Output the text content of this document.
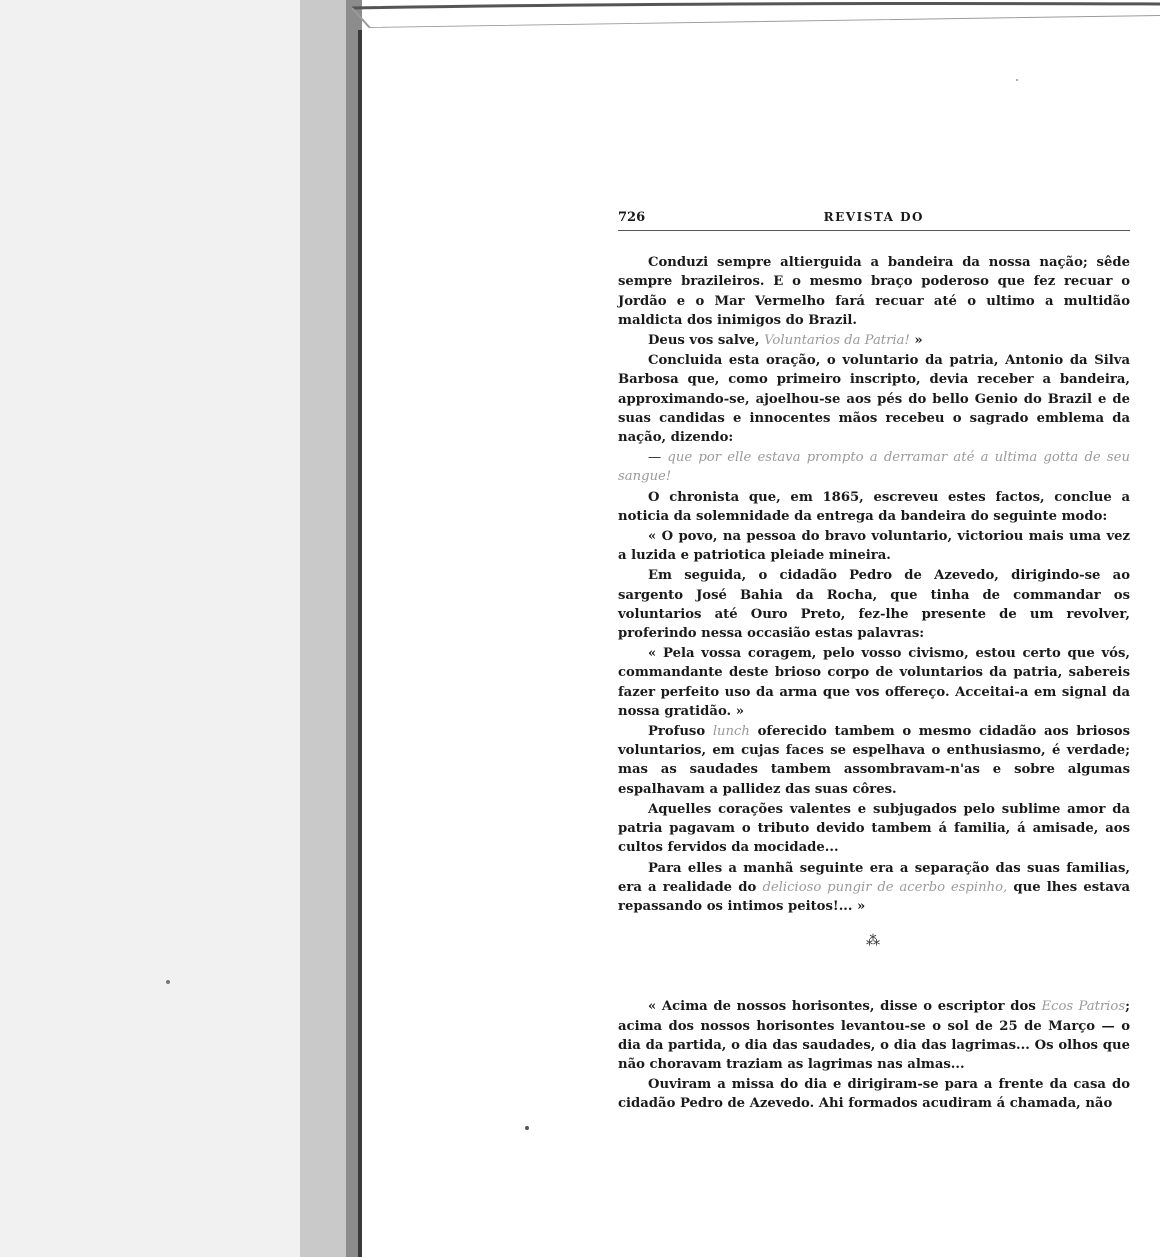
726	REVISTA DO

Conduzi sempre altierguida a bandeira da nossa nação; sêde sempre brazileiros. E o mesmo braço poderoso que fez recuar o Jordão e o Mar Vermelho fará recuar até o ultimo a multidão maldicta dos inimigos do Brazil.

Deus vos salve, Voluntarios da Patria! »

Concluida esta oração, o voluntario da patria, Antonio da Silva Barbosa que, como primeiro inscripto, devia receber a bandeira, approximando-se, ajoelhou-se aos pés do bello Genio do Brazil e de suas candidas e innocentes mãos recebeu o sagrado emblema da nação, dizendo:

— que por elle estava prompto a derramar até a ultima gotta de seu sangue!

O chronista que, em 1865, escreveu estes factos, conclue a noticia da solemnidade da entrega da bandeira do seguinte modo:

« O povo, na pessoa do bravo voluntario, victoriou mais uma vez a luzida e patriotica pleiade mineira.

Em seguida, o cidadão Pedro de Azevedo, dirigindo-se ao sargento José Bahia da Rocha, que tinha de commandar os voluntarios até Ouro Preto, fez-lhe presente de um revolver, proferindo nessa occasião estas palavras:

« Pela vossa coragem, pelo vosso civismo, estou certo que vós, commandante deste brioso corpo de voluntarios da patria, sabereis fazer perfeito uso da arma que vos offereço. Acceitai-a em signal da nossa gratidão. »

Profuso lunch oferecido tambem o mesmo cidadão aos briosos voluntarios, em cujas faces se espelhava o enthusiasmo, é verdade; mas as saudades tambem assombravam-n'as e sobre algumas espalhavam a pallidez das suas côres.

Aquelles corações valentes e subjugados pelo sublime amor da patria pagavam o tributo devido tambem á familia, á amisade, aos cultos fervidos da mocidade...

Para elles a manhã seguinte era a separação das suas familias, era a realidade do delicioso pungir de acerbo espinho, que lhes estava repassando os intimos peitos!... »

⁂

« Acima de nossos horisontes, disse o escriptor dos Ecos Patrios; acima dos nossos horisontes levantou-se o sol de 25 de Março — o dia da partida, o dia das saudades, o dia das lagrimas... Os olhos que não choravam traziam as lagrimas nas almas...

Ouviram a missa do dia e dirigiram-se para a frente da casa do cidadão Pedro de Azevedo. Ahi formados acudiram á chamada, não
